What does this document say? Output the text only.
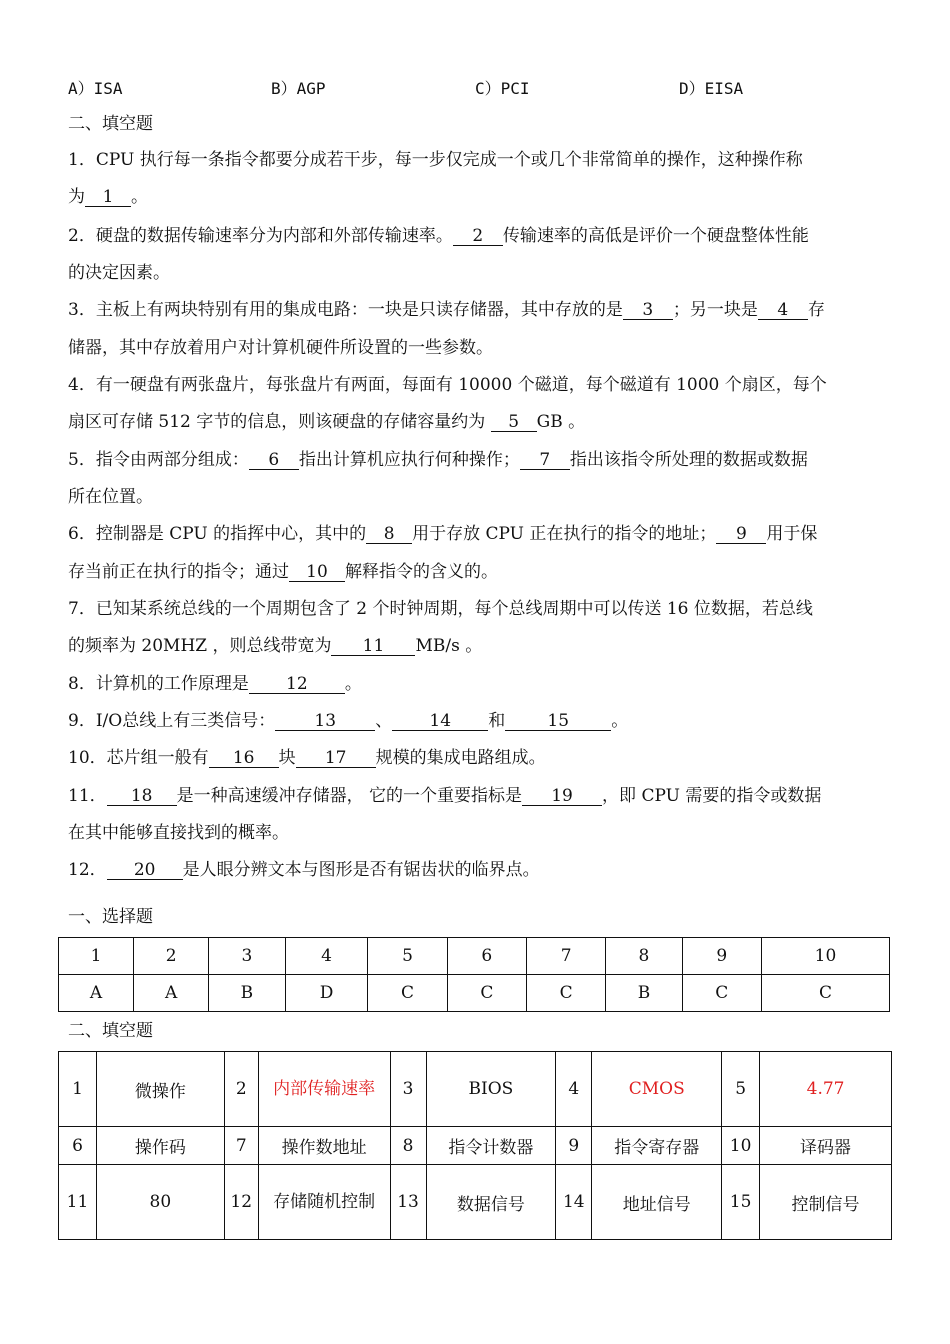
A）ISA	B）AGP	C）PCI	D）EISA
二、填空题
1．CPU 执行每一条指令都要分成若干步，每一步仅完成一个或几个非常简单的操作，这种操作称
为 1 。
2．硬盘的数据传输速率分为内部和外部传输速率。 2 传输速率的高低是评价一个硬盘整体性能
的决定因素。
3．主板上有两块特别有用的集成电路：一块是只读存储器，其中存放的是 3 ；另一块是 4 存
储器，其中存放着用户对计算机硬件所设置的一些参数。
4．有一硬盘有两张盘片，每张盘片有两面，每面有 10000 个磁道，每个磁道有 1000 个扇区，每个
扇区可存储 512 字节的信息，则该硬盘的存储容量约为 5 GB 。
5．指令由两部分组成： 6 指出计算机应执行何种操作； 7 指出该指令所处理的数据或数据
所在位置。
6．控制器是 CPU 的指挥中心，其中的 8 用于存放 CPU 正在执行的指令的地址； 9 用于保
存当前正在执行的指令；通过 10 解释指令的含义的。
7．已知某系统总线的一个周期包含了 2 个时钟周期，每个总线周期中可以传送 16 位数据，若总线
的频率为 20MHZ ，则总线带宽为 11 MB/s 。
8．计算机的工作原理是 12 。
9．I/O总线上有三类信号： 13 、 14 和 15 。
10．芯片组一般有 16 块 17 规模的集成电路组成。
11． 18 是一种高速缓冲存储器， 它的一个重要指标是 19 ，即 CPU 需要的指令或数据
在其中能够直接找到的概率。
12． 20 是人眼分辨文本与图形是否有锯齿状的临界点。
一、选择题
1	2	3	4	5	6	7	8	9	10
A	A	B	D	C	C	C	B	C	C
二、填空题
1	微操作	2	内部传输速率	3	BIOS	4	CMOS	5	4.77
6	操作码	7	操作数地址	8	指令计数器	9	指令寄存器	10	译码器
11	80	12	存储随机控制	13	数据信号	14	地址信号	15	控制信号
